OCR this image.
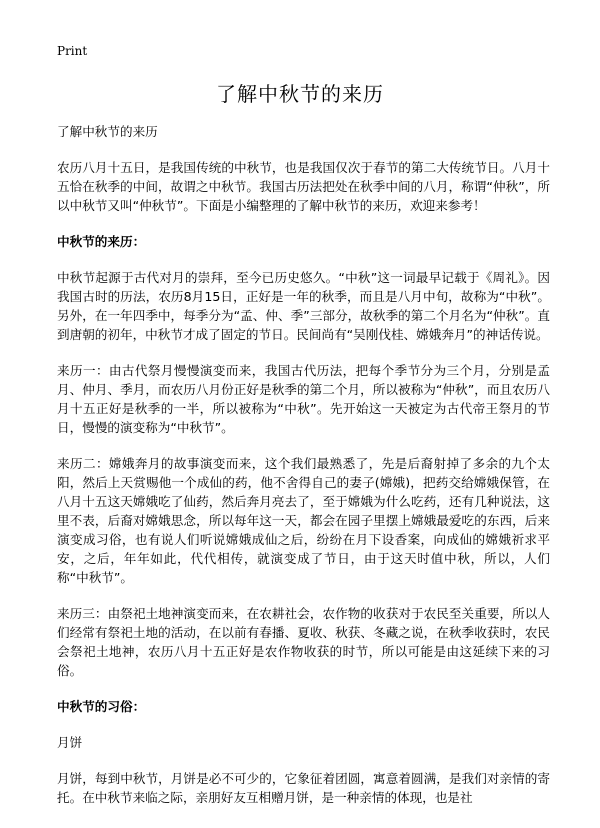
Print
了解中秋节的来历

了解中秋节的来历

农历八月十五日，是我国传统的中秋节，也是我国仅次于春节的第二大传统节日。八月十五恰在秋季的中间，故谓之中秋节。我国古历法把处在秋季中间的八月，称谓“仲秋”，所以中秋节又叫“仲秋节”。下面是小编整理的了解中秋节的来历，欢迎来参考！

中秋节的来历：

中秋节起源于古代对月的崇拜，至今已历史悠久。“中秋”这一词最早记载于《周礼》。因我国古时的历法，农历8月15日，正好是一年的秋季，而且是八月中旬，故称为“中秋”。另外，在一年四季中，每季分为“孟、仲、季”三部分，故秋季的第二个月名为“仲秋”。直到唐朝的初年，中秋节才成了固定的节日。民间尚有“吴刚伐桂、嫦娥奔月”的神话传说。

来历一：由古代祭月慢慢演变而来，我国古代历法，把每个季节分为三个月，分别是孟月、仲月、季月，而农历八月份正好是秋季的第二个月，所以被称为“仲秋”，而且农历八月十五正好是秋季的一半，所以被称为“中秋”。先开始这一天被定为古代帝王祭月的节日，慢慢的演变称为“中秋节”。

来历二：嫦娥奔月的故事演变而来，这个我们最熟悉了，先是后裔射掉了多余的九个太阳，然后上天赏赐他一个成仙的药，他不舍得自己的妻子(嫦娥)，把药交给嫦娥保管，在八月十五这天嫦娥吃了仙药，然后奔月亮去了，至于嫦娥为什么吃药，还有几种说法，这里不表，后裔对嫦娥思念，所以每年这一天，都会在园子里摆上嫦娥最爱吃的东西，后来演变成习俗，也有说人们听说嫦娥成仙之后，纷纷在月下设香案，向成仙的嫦娥祈求平安，之后，年年如此，代代相传，就演变成了节日，由于这天时值中秋，所以，人们称“中秋节”。

来历三：由祭祀土地神演变而来，在农耕社会，农作物的收获对于农民至关重要，所以人们经常有祭祀土地的活动，在以前有春播、夏收、秋获、冬藏之说，在秋季收获时，农民会祭祀土地神，农历八月十五正好是农作物收获的时节，所以可能是由这延续下来的习俗。

中秋节的习俗：

月饼

月饼，每到中秋节，月饼是必不可少的，它象征着团圆，寓意着圆满，是我们对亲情的寄托。在中秋节来临之际，亲朋好友互相赠月饼，是一种亲情的体现，也是社
